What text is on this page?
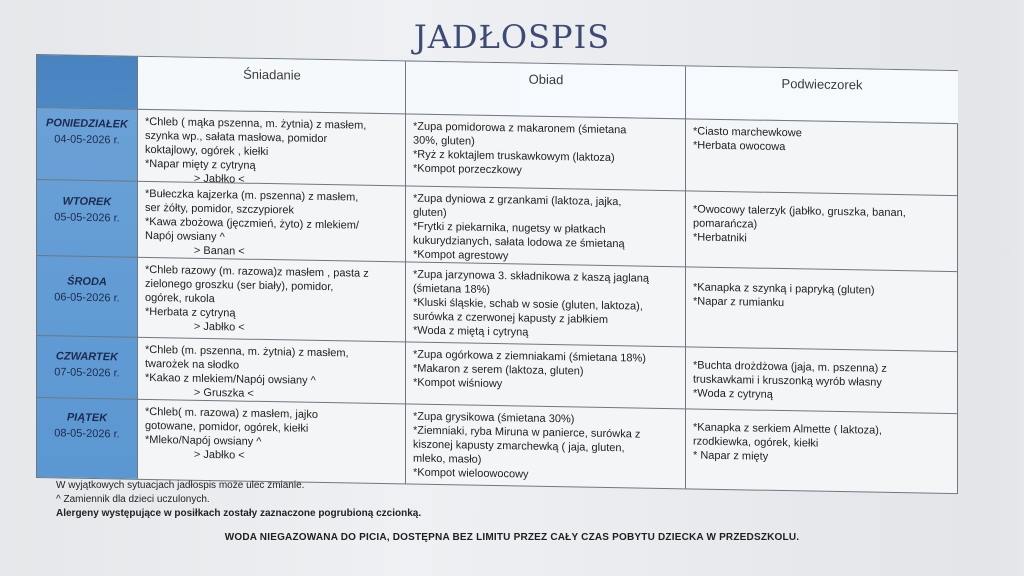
JADŁOSPIS
Śniadanie	Obiad	Podwieczorek
PONIEDZIAŁEK
04-05-2026 r.
WTOREK
05-05-2026 r.
ŚRODA
06-05-2026 r.
CZWARTEK
07-05-2026 r.
PIĄTEK
08-05-2026 r.
*Chleb ( mąka pszenna, m. żytnia) z masłem,
szynka wp., sałata masłowa, pomidor
koktajlowy, ogórek , kiełki
*Napar mięty z cytryną
> Jabłko <
*Zupa pomidorowa z makaronem (śmietana
30%, gluten)
*Ryż z koktajlem truskawkowym (laktoza)
*Kompot porzeczkowy
*Ciasto marchewkowe
*Herbata owocowa
*Bułeczka kajzerka (m. pszenna) z masłem,
ser żółty, pomidor, szczypiorek
*Kawa zbożowa (jęczmień, żyto) z mlekiem/
Napój owsiany ^
> Banan <
*Zupa dyniowa z grzankami (laktoza, jajka,
gluten)
*Frytki z piekarnika, nugetsy w płatkach
kukurydzianych, sałata lodowa ze śmietaną
*Kompot agrestowy
*Owocowy talerzyk (jabłko, gruszka, banan,
pomarańcza)
*Herbatniki
*Chleb razowy (m. razowa)z masłem , pasta z
zielonego groszku (ser biały), pomidor,
ogórek, rukola
*Herbata z cytryną
> Jabłko <
*Zupa jarzynowa 3. składnikowa z kaszą jaglaną
(śmietana 18%)
*Kluski śląskie, schab w sosie (gluten, laktoza),
surówka z czerwonej kapusty z jabłkiem
*Woda z miętą i cytryną
*Kanapka z szynką i papryką (gluten)
*Napar z rumianku
*Chleb (m. pszenna, m. żytnia) z masłem,
twarożek na słodko
*Kakao z mlekiem/Napój owsiany ^
> Gruszka <
*Zupa ogórkowa z ziemniakami (śmietana 18%)
*Makaron z serem (laktoza, gluten)
*Kompot wiśniowy
*Buchta drożdżowa (jaja, m. pszenna) z
truskawkami i kruszonką wyrób własny
*Woda z cytryną
*Chleb( m. razowa) z masłem, jajko
gotowane, pomidor, ogórek, kiełki
*Mleko/Napój owsiany ^
> Jabłko <
*Zupa grysikowa (śmietana 30%)
*Ziemniaki, ryba Miruna w panierce, surówka z
kiszonej kapusty zmarchewką ( jaja, gluten,
mleko, masło)
*Kompot wieloowocowy
*Kanapka z serkiem Almette ( laktoza),
rzodkiewka, ogórek, kiełki
* Napar z mięty
W wyjątkowych sytuacjach jadłospis może ulec zmianie.
^ Zamiennik dla dzieci uczulonych.
Alergeny występujące w posiłkach zostały zaznaczone pogrubioną czcionką.
WODA NIEGAZOWANA DO PICIA, DOSTĘPNA BEZ LIMITU PRZEZ CAŁY CZAS POBYTU DZIECKA W PRZEDSZKOLU.
